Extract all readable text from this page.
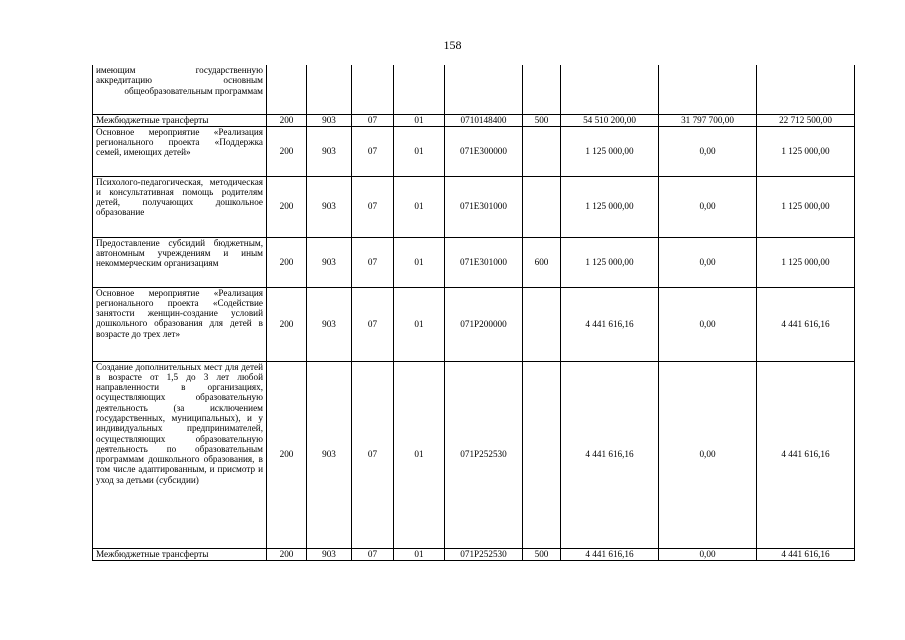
158
имеющим государственную аккредитацию основным общеобразовательным программам									
Межбюджетные трансферты	200	903	07	01	0710148400	500	54 510 200,00	31 797 700,00	22 712 500,00
Основное мероприятие «Реализация регионального проекта «Поддержка семей, имеющих детей»	200	903	07	01	071E300000		1 125 000,00	0,00	1 125 000,00
Психолого-педагогическая, методическая и консультативная помощь родителям детей, получающих дошкольное образование	200	903	07	01	071E301000		1 125 000,00	0,00	1 125 000,00
Предоставление субсидий бюджетным, автономным учреждениям и иным некоммерческим организациям	200	903	07	01	071E301000	600	1 125 000,00	0,00	1 125 000,00
Основное мероприятие «Реализация регионального проекта «Содействие занятости женщин-создание условий дошкольного образования для детей в возрасте до трех лет»	200	903	07	01	071P200000		4 441 616,16	0,00	4 441 616,16
Создание дополнительных мест для детей в возрасте от 1,5 до 3 лет любой направленности в организациях, осуществляющих образовательную деятельность (за исключением государственных, муниципальных), и у индивидуальных предпринимателей, осуществляющих образовательную деятельность по образовательным программам дошкольного образования, в том числе адаптированным, и присмотр и уход за детьми (субсидии)	200	903	07	01	071P252530		4 441 616,16	0,00	4 441 616,16
Межбюджетные трансферты	200	903	07	01	071P252530	500	4 441 616,16	0,00	4 441 616,16
